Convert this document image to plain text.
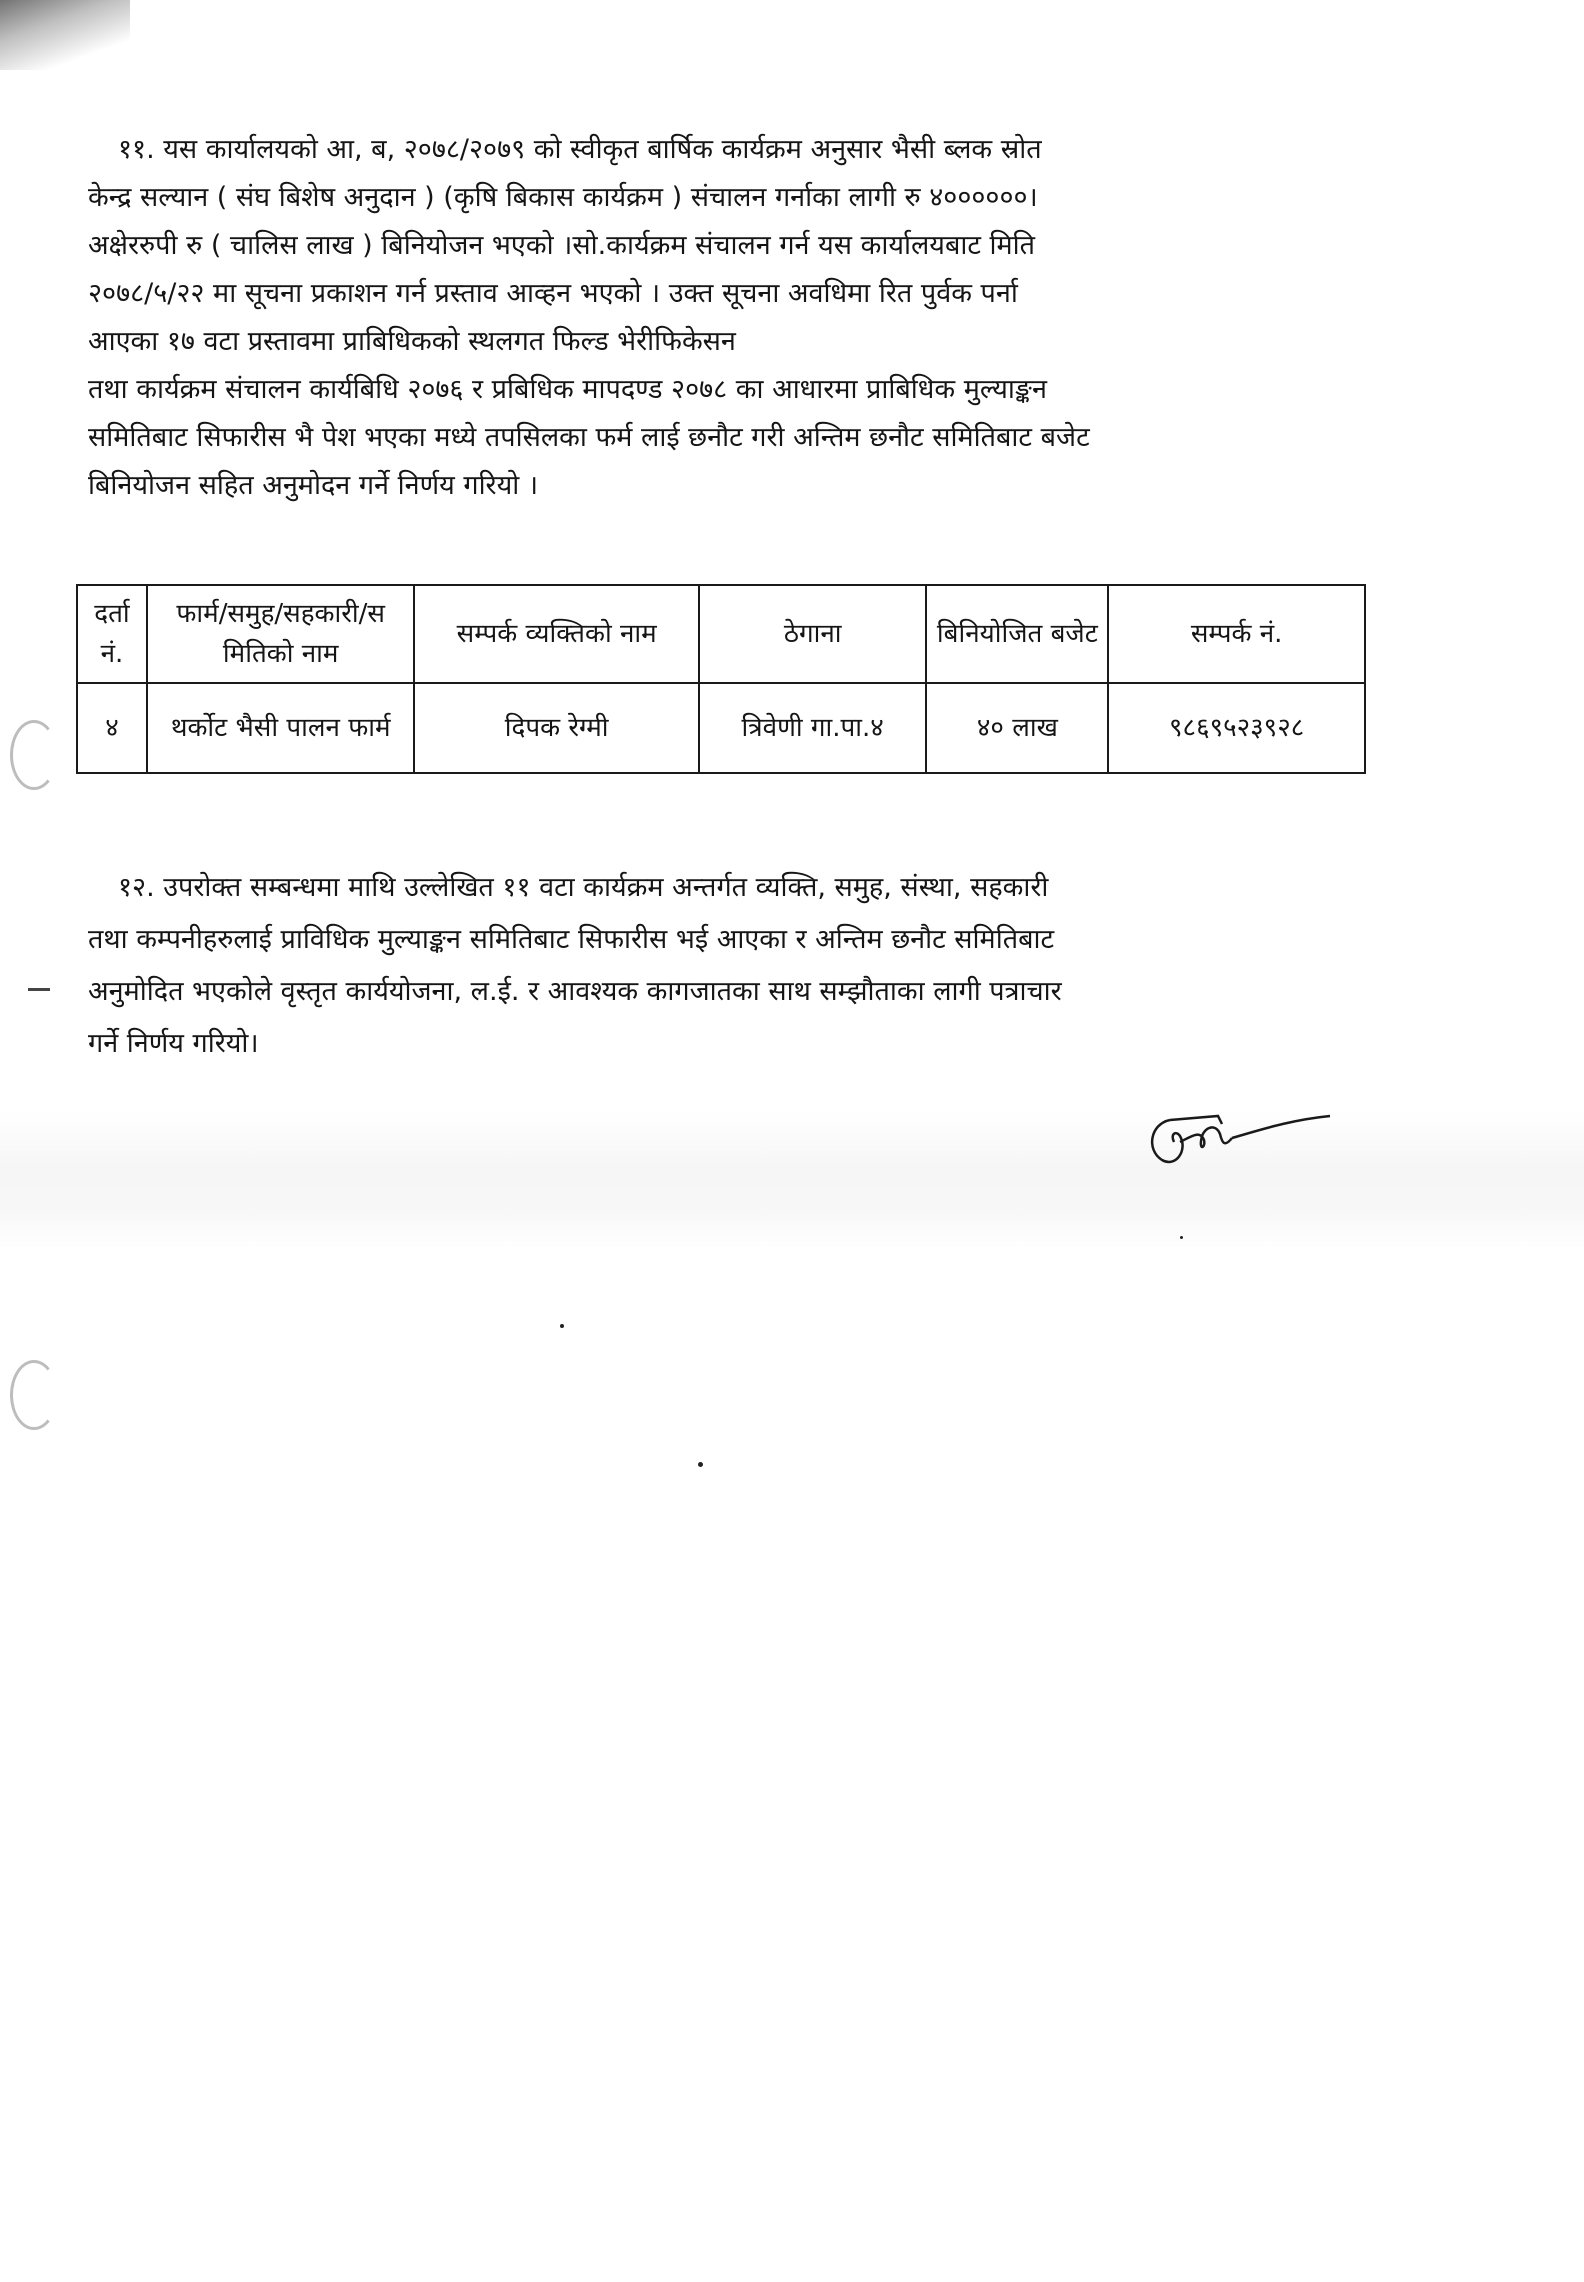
११. यस कार्यालयको आ, ब, २०७८/२०७९ को स्वीकृत बार्षिक कार्यक्रम अनुसार भैसी ब्लक स्रोत
केन्द्र सल्यान ( संघ बिशेष अनुदान ) (कृषि बिकास कार्यक्रम ) संचालन गर्नाका लागी रु ४००००००।
अक्षेररुपी रु ( चालिस लाख ) बिनियोजन भएको ।सो.कार्यक्रम संचालन गर्न यस कार्यालयबाट मिति
२०७८/५/२२ मा सूचना प्रकाशन गर्न प्रस्ताव आव्हन भएको । उक्त सूचना अवधिमा रित पुर्वक पर्ना
आएका १७ वटा प्रस्तावमा प्राबिधिकको स्थलगत फिल्ड भेरीफिकेसन
तथा कार्यक्रम संचालन कार्यबिधि २०७६ र प्रबिधिक मापदण्ड २०७८ का आधारमा प्राबिधिक मुल्याङ्कन
समितिबाट सिफारीस भै पेश भएका मध्ये तपसिलका फर्म लाई छनौट गरी अन्तिम छनौट समितिबाट बजेट
बिनियोजन सहित अनुमोदन गर्ने निर्णय गरियो ।
दर्ता नं.	फार्म/समुह/सहकारी/स मितिको नाम	सम्पर्क व्यक्तिको नाम	ठेगाना	बिनियोजित बजेट	सम्पर्क नं.
४	थर्कोट भैसी पालन फार्म	दिपक रेग्मी	त्रिवेणी गा.पा.४	४० लाख	९८६९५२३९२८
१२. उपरोक्त सम्बन्धमा माथि उल्लेखित ११ वटा कार्यक्रम अन्तर्गत व्यक्ति, समुह, संस्था, सहकारी
तथा कम्पनीहरुलाई प्राविधिक मुल्याङ्कन समितिबाट सिफारीस भई आएका र अन्तिम छनौट समितिबाट
अनुमोदित भएकोले वृस्तृत कार्ययोजना, ल.ई. र आवश्यक कागजातका साथ सम्झौताका लागी पत्राचार
गर्ने निर्णय गरियो।
